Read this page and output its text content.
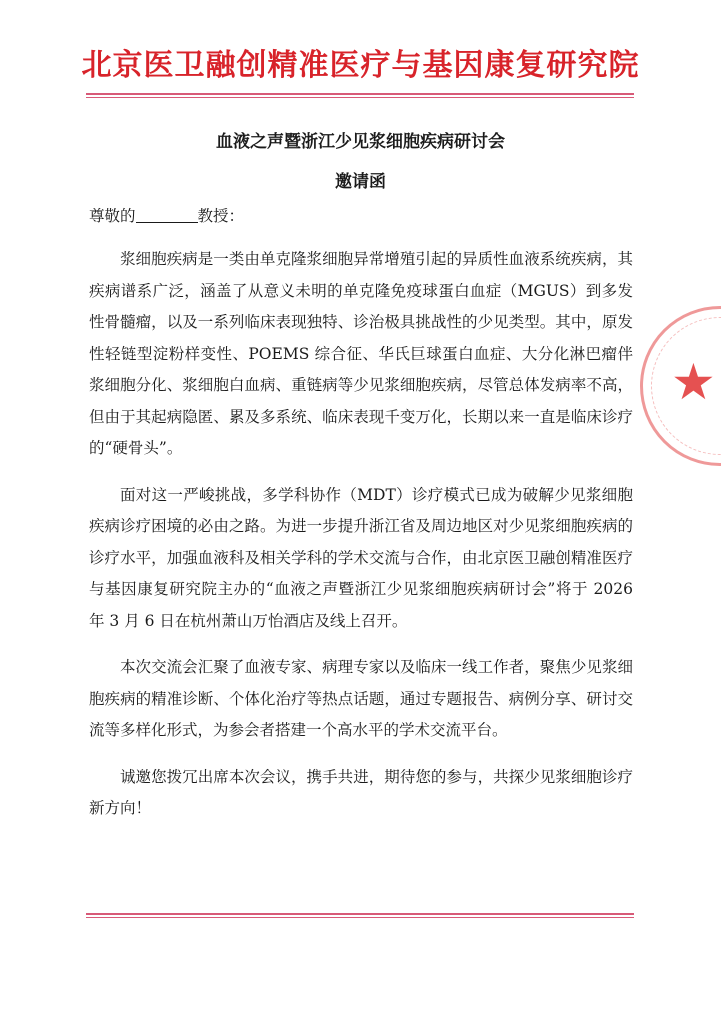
北京医卫融创精准医疗与基因康复研究院
血液之声暨浙江少见浆细胞疾病研讨会
邀请函
尊敬的	教授：

浆细胞疾病是一类由单克隆浆细胞异常增殖引起的异质性血液系统疾病，其疾病谱系广泛，涵盖了从意义未明的单克隆免疫球蛋白血症（MGUS）到多发性骨髓瘤，以及一系列临床表现独特、诊治极具挑战性的少见类型。其中，原发性轻链型淀粉样变性、POEMS 综合征、华氏巨球蛋白血症、大分化淋巴瘤伴浆细胞分化、浆细胞白血病、重链病等少见浆细胞疾病，尽管总体发病率不高，但由于其起病隐匿、累及多系统、临床表现千变万化，长期以来一直是临床诊疗的“硬骨头”。

面对这一严峻挑战，多学科协作（MDT）诊疗模式已成为破解少见浆细胞疾病诊疗困境的必由之路。为进一步提升浙江省及周边地区对少见浆细胞疾病的诊疗水平，加强血液科及相关学科的学术交流与合作，由北京医卫融创精准医疗与基因康复研究院主办的“血液之声暨浙江少见浆细胞疾病研讨会”将于 2026 年 3 月 6 日在杭州萧山万怡酒店及线上召开。

本次交流会汇聚了血液专家、病理专家以及临床一线工作者，聚焦少见浆细胞疾病的精准诊断、个体化治疗等热点话题，通过专题报告、病例分享、研讨交流等多样化形式，为参会者搭建一个高水平的学术交流平台。

诚邀您拨冗出席本次会议，携手共进，期待您的参与，共探少见浆细胞诊疗新方向！

★
